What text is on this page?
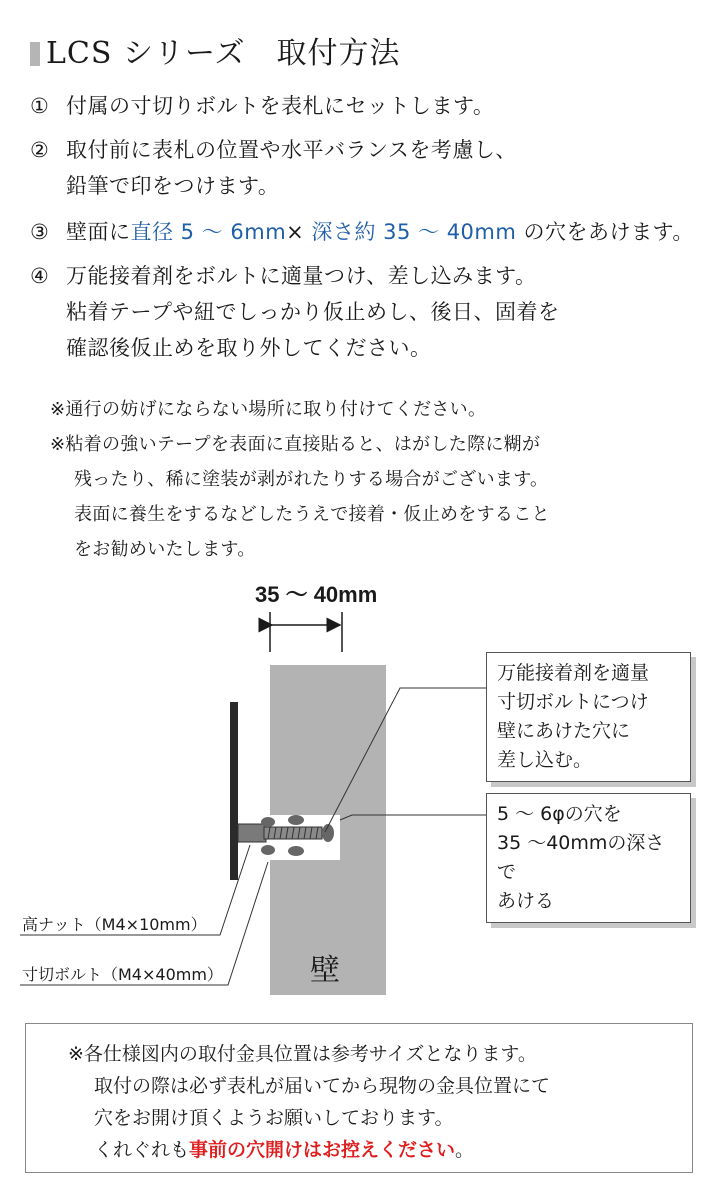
LCS シリーズ　取付方法
① 付属の寸切りボルトを表札にセットします。
② 取付前に表札の位置や水平バランスを考慮し、
鉛筆で印をつけます。
③ 壁面に直径 5 〜 6mm× 深さ約 35 〜 40mm の穴をあけます。
④ 万能接着剤をボルトに適量つけ、差し込みます。
粘着テープや紐でしっかり仮止めし、後日、固着を
確認後仮止めを取り外してください。
※通行の妨げにならない場所に取り付けてください。
※粘着の強いテープを表面に直接貼ると、はがした際に糊が
残ったり、稀に塗装が剥がれたりする場合がございます。
表面に養生をするなどしたうえで接着・仮止めをすること
をお勧めいたします。
35 〜 40mm
万能接着剤を適量
寸切ボルトにつけ
壁にあけた穴に
差し込む。
5 〜 6φの穴を
35 〜40mmの深さで
あける
壁
高ナット（M4×10mm）
寸切ボルト（M4×40mm）
※各仕様図内の取付金具位置は参考サイズとなります。
取付の際は必ず表札が届いてから現物の金具位置にて
穴をお開け頂くようお願いしております。
くれぐれも事前の穴開けはお控えください。
